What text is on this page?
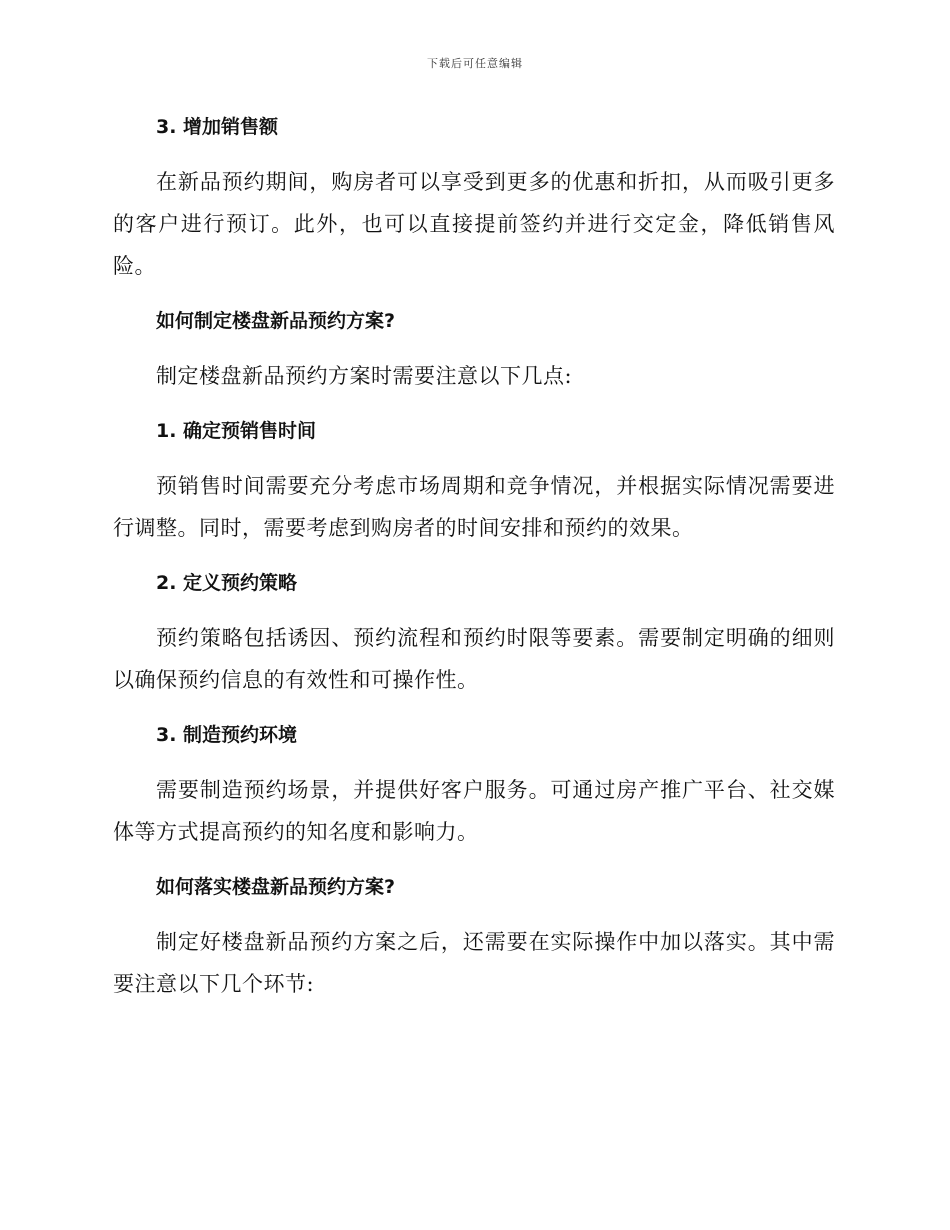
下载后可任意编辑
3. 增加销售额

在新品预约期间，购房者可以享受到更多的优惠和折扣，从而吸引更多的客户进行预订。此外，也可以直接提前签约并进行交定金，降低销售风险。

如何制定楼盘新品预约方案?

制定楼盘新品预约方案时需要注意以下几点:

1. 确定预销售时间

预销售时间需要充分考虑市场周期和竞争情况，并根据实际情况需要进行调整。同时，需要考虑到购房者的时间安排和预约的效果。

2. 定义预约策略

预约策略包括诱因、预约流程和预约时限等要素。需要制定明确的细则以确保预约信息的有效性和可操作性。

3. 制造预约环境

需要制造预约场景，并提供好客户服务。可通过房产推广平台、社交媒体等方式提高预约的知名度和影响力。

如何落实楼盘新品预约方案?

制定好楼盘新品预约方案之后，还需要在实际操作中加以落实。其中需要注意以下几个环节:
